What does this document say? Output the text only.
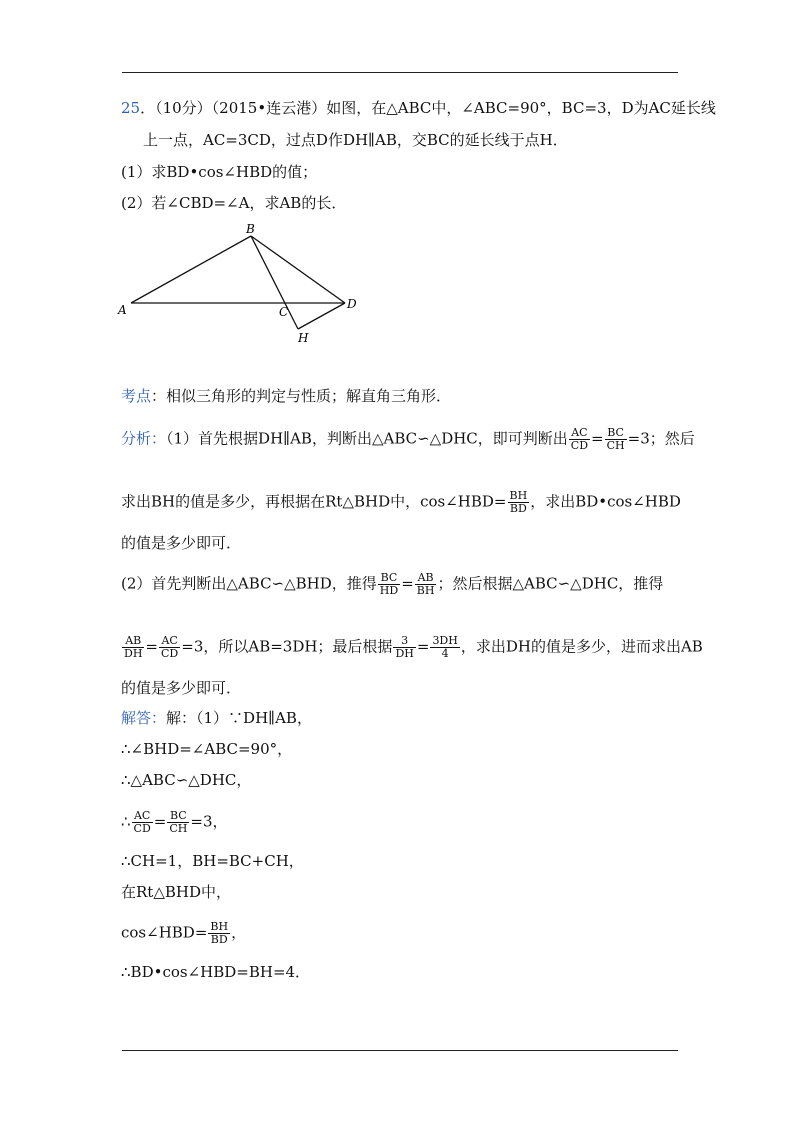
25．（10分）（2015•连云港）如图，在△ABC中，∠ABC=90°，BC=3，D为AC延长线
上一点，AC=3CD，过点D作DH∥AB，交BC的延长线于点H．
(1）求BD•cos∠HBD的值；
(2）若∠CBD=∠A，求AB的长．
A
B
C
D
H
考点：相似三角形的判定与性质；解直角三角形．
分析：（1）首先根据DH∥AB，判断出△ABC∽△DHC，即可判断出 $\frac{AC}{CD} = \frac{BC}{CH} =3$；然后
求出BH的值是多少，再根据在Rt△BHD中，cos∠HBD= $\frac{BH}{BD}$ ，求出BD•cos∠HBD
的值是多少即可．
(2）首先判断出△ABC∽△BHD，推得 $\frac{BC}{HD} = \frac{AB}{BH}$ ；然后根据△ABC∽△DHC，推得
$\frac{AB}{DH} = \frac{AC}{CD} =3$，所以AB=3DH；最后根据 $\frac{3}{DH} = \frac{3DH}{4}$ ，求出DH的值是多少，进而求出AB
的值是多少即可．
解答：解：（1）∵DH∥AB，
∴∠BHD=∠ABC=90°，
∴△ABC∽△DHC，
∴ $\frac{AC}{CD} = \frac{BC}{CH} =3$，
∴CH=1，BH=BC+CH，
在Rt△BHD中，
cos∠HBD= $\frac{BH}{BD}$ ，
∴BD•cos∠HBD=BH=4．
